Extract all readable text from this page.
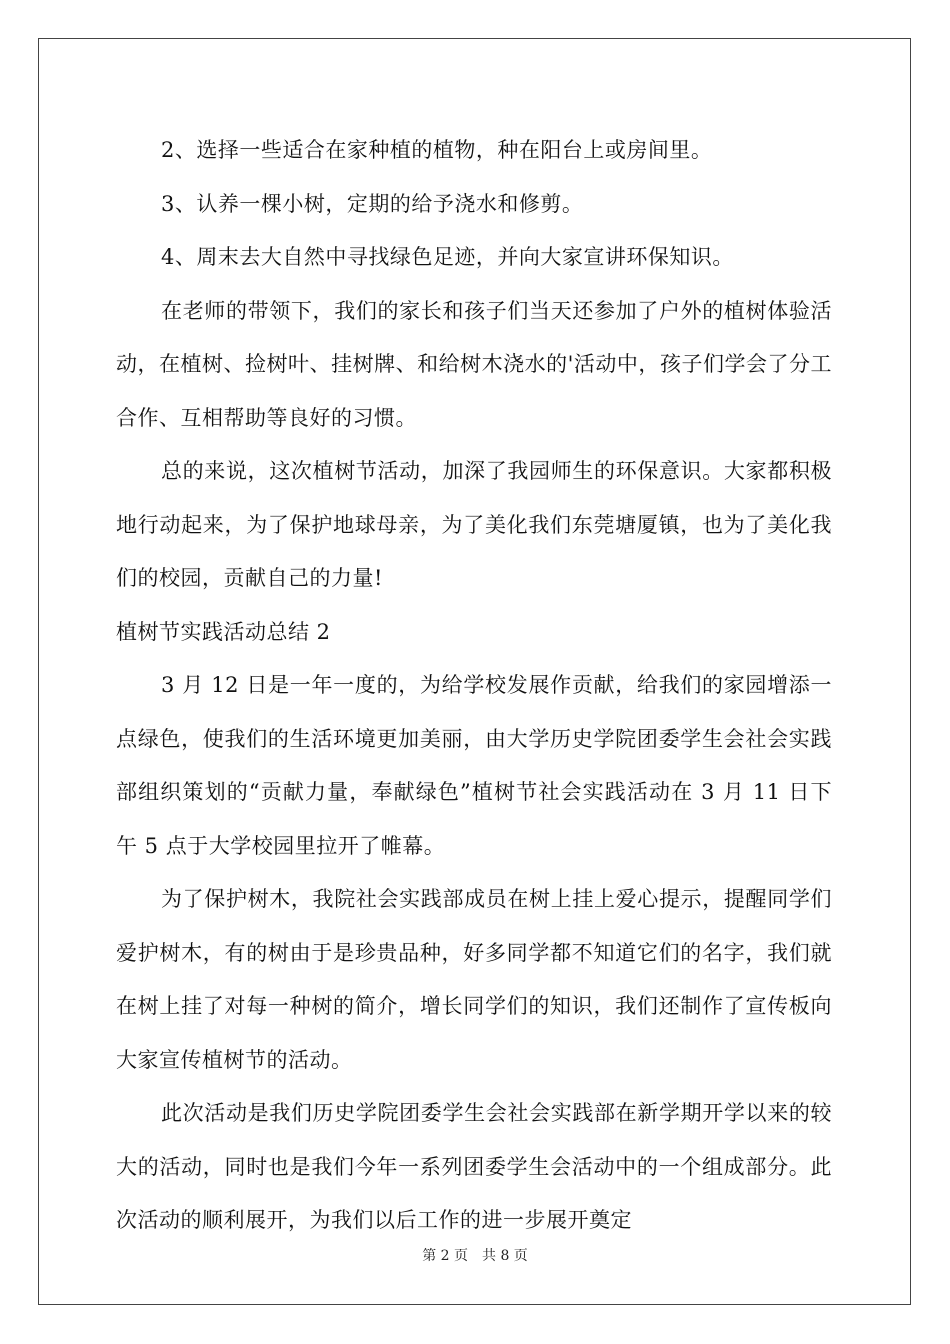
2、选择一些适合在家种植的植物，种在阳台上或房间里。

3、认养一棵小树，定期的给予浇水和修剪。

4、周末去大自然中寻找绿色足迹，并向大家宣讲环保知识。

在老师的带领下，我们的家长和孩子们当天还参加了户外的植树体验活动，在植树、捡树叶、挂树牌、和给树木浇水的'活动中，孩子们学会了分工合作、互相帮助等良好的习惯。

总的来说，这次植树节活动，加深了我园师生的环保意识。大家都积极地行动起来，为了保护地球母亲，为了美化我们东莞塘厦镇，也为了美化我们的校园，贡献自己的力量!

植树节实践活动总结 2

3 月 12 日是一年一度的，为给学校发展作贡献，给我们的家园增添一点绿色，使我们的生活环境更加美丽，由大学历史学院团委学生会社会实践部组织策划的“贡献力量，奉献绿色”植树节社会实践活动在 3 月 11 日下午 5 点于大学校园里拉开了帷幕。

为了保护树木，我院社会实践部成员在树上挂上爱心提示，提醒同学们爱护树木，有的树由于是珍贵品种，好多同学都不知道它们的名字，我们就在树上挂了对每一种树的简介，增长同学们的知识，我们还制作了宣传板向大家宣传植树节的活动。

此次活动是我们历史学院团委学生会社会实践部在新学期开学以来的较大的活动，同时也是我们今年一系列团委学生会活动中的一个组成部分。此次活动的顺利展开，为我们以后工作的进一步展开奠定

第 2 页 共 8 页
